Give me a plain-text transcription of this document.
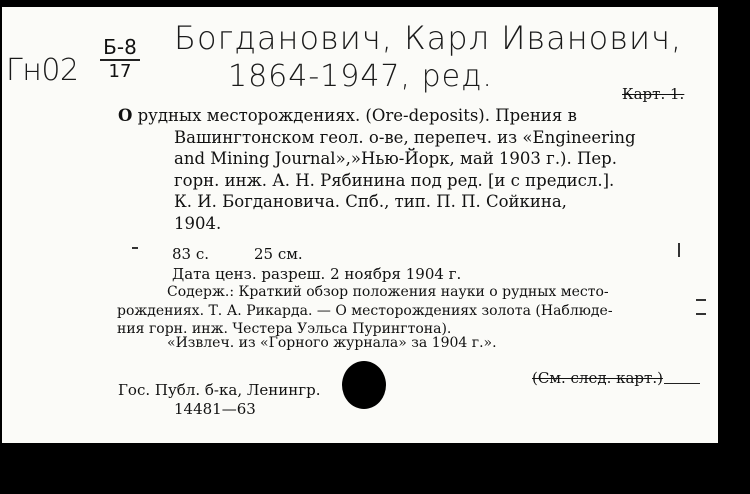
Гн02
Б-8
17
Богданович, Карл Иванович,
1864-1947, ред.	Карт. 1.
О рудных месторождениях. (Ore-deposits). Прения в
Вашингтонском геол. о-ве, перепеч. из «Engineering
and Mining Journal»,»Нью-Йорк, май 1903 г.). Пер.
горн. инж. А. Н. Рябинина под ред. [и с предисл.].
К. И. Богдановича. Спб., тип. П. П. Сойкина,
1904.
83 с.	25 см.
Дата ценз. разреш. 2 ноября 1904 г.
Содерж.: Краткий обзор положения науки о рудных место-
рождениях. Т. А. Рикарда. — О месторождениях золота (Наблюде-
ния горн. инж. Честера Уэльса Пурингтона).
«Извлеч. из «Горного журнала» за 1904 г.».
(См. след. карт.)
Гос. Публ. б-ка, Ленингр.
14481—63
